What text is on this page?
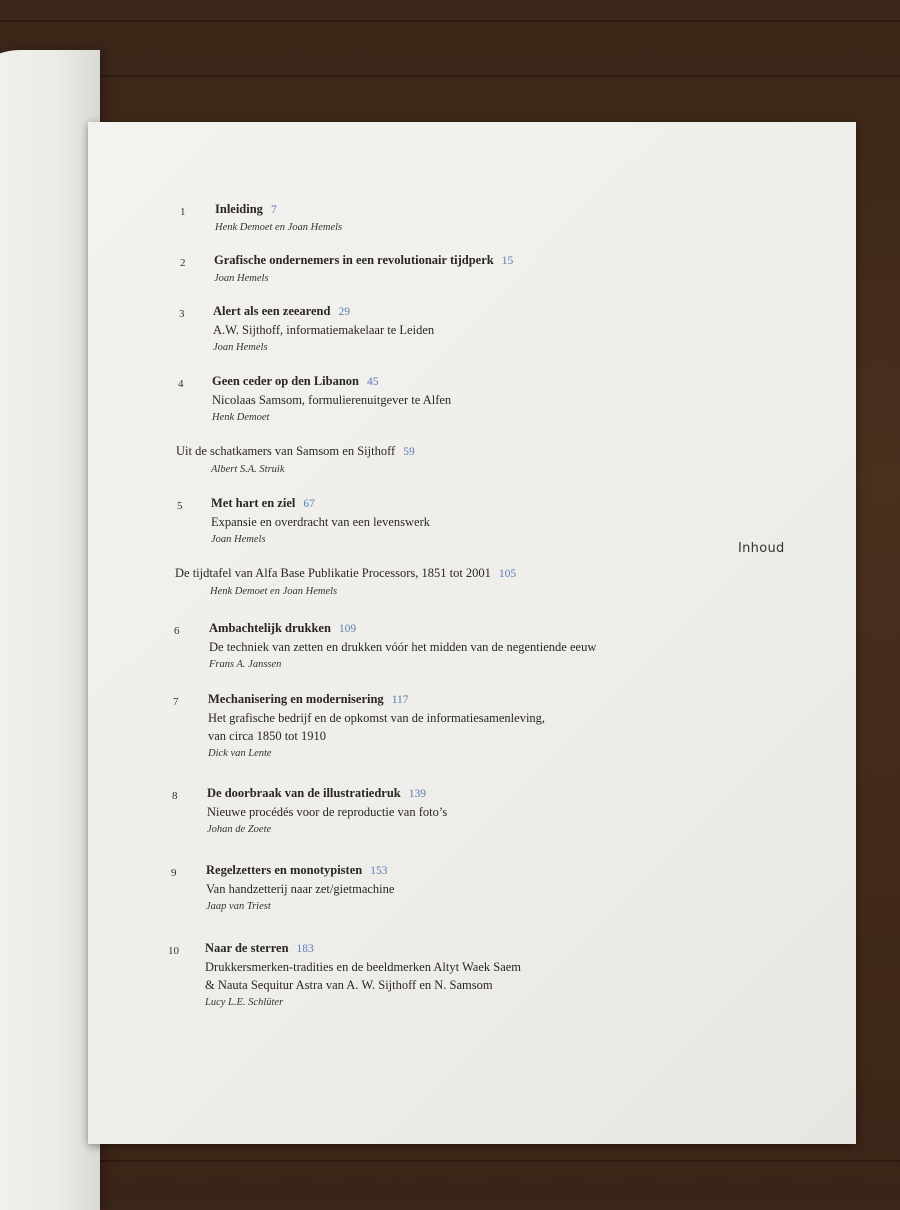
1 Inleiding 7
Henk Demoet en Joan Hemels
2 Grafische ondernemers in een revolutionair tijdperk 15
Joan Hemels
3 Alert als een zeearend 29
A.W. Sijthoff, informatiemakelaar te Leiden
Joan Hemels
4 Geen ceder op den Libanon 45
Nicolaas Samsom, formulierenuitgever te Alfen
Henk Demoet
Uit de schatkamers van Samsom en Sijthoff 59
Albert S.A. Struik
5 Met hart en ziel 67
Expansie en overdracht van een levenswerk
Joan Hemels
De tijdtafel van Alfa Base Publikatie Processors, 1851 tot 2001 105
Henk Demoet en Joan Hemels
6 Ambachtelijk drukken 109
De techniek van zetten en drukken vóór het midden van de negentiende eeuw
Frans A. Janssen
7 Mechanisering en modernisering 117
Het grafische bedrijf en de opkomst van de informatiesamenleving,
van circa 1850 tot 1910
Dick van Lente
8 De doorbraak van de illustratiedruk 139
Nieuwe procédés voor de reproductie van foto’s
Johan de Zoete
9 Regelzetters en monotypisten 153
Van handzetterij naar zet/gietmachine
Jaap van Triest
10 Naar de sterren 183
Drukkersmerken-tradities en de beeldmerken Altyt Waek Saem
& Nauta Sequitur Astra van A. W. Sijthoff en N. Samsom
Lucy L.E. Schlüter
Inhoud
